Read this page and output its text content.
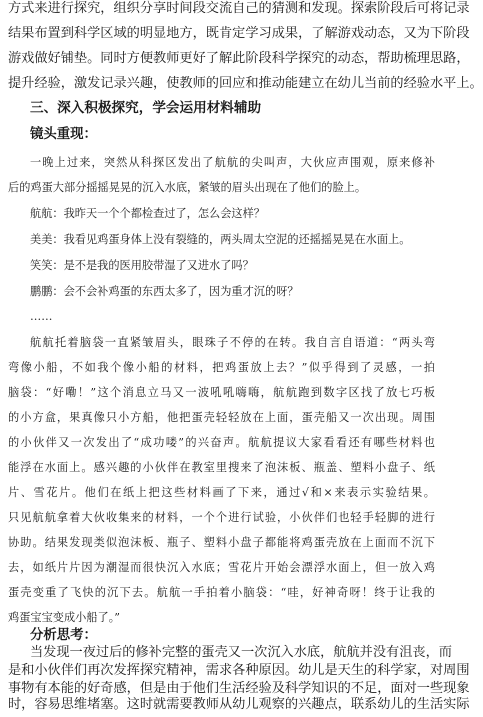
方式来进行探究，组织分享时间段交流自己的猜测和发现。探索阶段后可将记录
结果布置到科学区域的明显地方，既肯定学习成果，了解游戏动态，又为下阶段
游戏做好铺垫。同时方便教师更好了解此阶段科学探究的动态，帮助梳理思路，
提升经验，激发记录兴趣，使教师的回应和推动能建立在幼儿当前的经验水平上。
三、深入积极探究，学会运用材料辅助
镜头重现：
一晚上过来，突然从科探区发出了航航的尖叫声，大伙应声围观，原来修补
后的鸡蛋大部分摇摇晃晃的沉入水底，紧皱的眉头出现在了他们的脸上。
航航：我昨天一个个都检查过了，怎么会这样？
美美：我看见鸡蛋身体上没有裂缝的，两头周太空泥的还摇摇晃晃在水面上。
笑笑：是不是我的医用胶带湿了又进水了吗？
鹏鹏：会不会补鸡蛋的东西太多了，因为重才沉的呀？
……
航航托着脑袋一直紧皱眉头，眼珠子不停的在转。我自言自语道：“两头弯
弯像小船，不如我个像小船的材料，把鸡蛋放上去？”似乎得到了灵感，一拍
脑袋：“好嘞！”这个消息立马又一波吼吼嗨嗨，航航跑到数字区找了放七巧板
的小方盒，果真像只小方船，他把蛋壳轻轻放在上面，蛋壳船又一次出现。周围
的小伙伴又一次发出了“成功喽”的兴奋声。航航提议大家看看还有哪些材料也
能浮在水面上。感兴趣的小伙伴在教室里搜来了泡沫板、瓶盖、塑料小盘子、纸
片、雪花片。他们在纸上把这些材料画了下来，通过√和×来表示实验结果。
只见航航拿着大伙收集来的材料，一个个进行试验，小伙伴们也轻手轻脚的进行
协助。结果发现类似泡沫板、瓶子、塑料小盘子都能将鸡蛋壳放在上面而不沉下
去，如纸片片因为潮湿而很快沉入水底；雪花片开始会漂浮水面上，但一放入鸡
蛋壳变重了飞快的沉下去。航航一手拍着小脑袋：“哇，好神奇呀！终于让我的
鸡蛋宝宝变成小船了。”
分析思考：
当发现一夜过后的修补完整的蛋壳又一次沉入水底，航航并没有沮丧，而
是和小伙伴们再次发挥探究精神，需求各种原因。幼儿是天生的科学家，对周围
事物有本能的好奇感，但是由于他们生活经验及科学知识的不足，面对一些现象
时，容易思维堵塞。这时就需要教师从幼儿观察的兴趣点，联系幼儿的生活实际
